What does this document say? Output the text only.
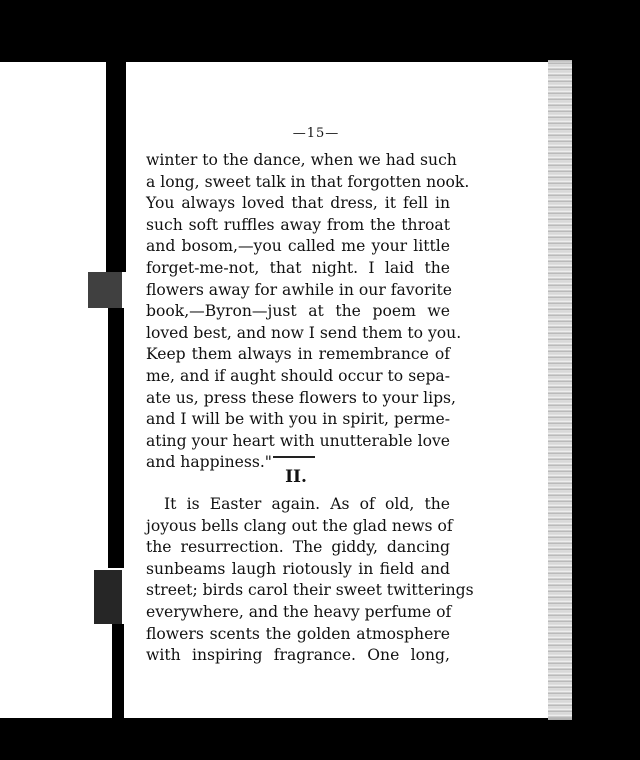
—15—
winter to the dance, when we had such
a long, sweet talk in that forgotten nook.
You always loved that dress, it fell in
such soft ruffles away from the throat
and bosom,—you called me your little
forget-me-not, that night. I laid the
flowers away for awhile in our favorite
book,—Byron—just at the poem we
loved best, and now I send them to you.
Keep them always in remembrance of
me, and if aught should occur to sepa-
ate us, press these flowers to your lips,
and I will be with you in spirit, perme-
ating your heart with unutterable love
and happiness."
II.
It is Easter again. As of old, the
joyous bells clang out the glad news of
the resurrection. The giddy, dancing
sunbeams laugh riotously in field and
street; birds carol their sweet twitterings
everywhere, and the heavy perfume of
flowers scents the golden atmosphere
with inspiring fragrance. One long,
